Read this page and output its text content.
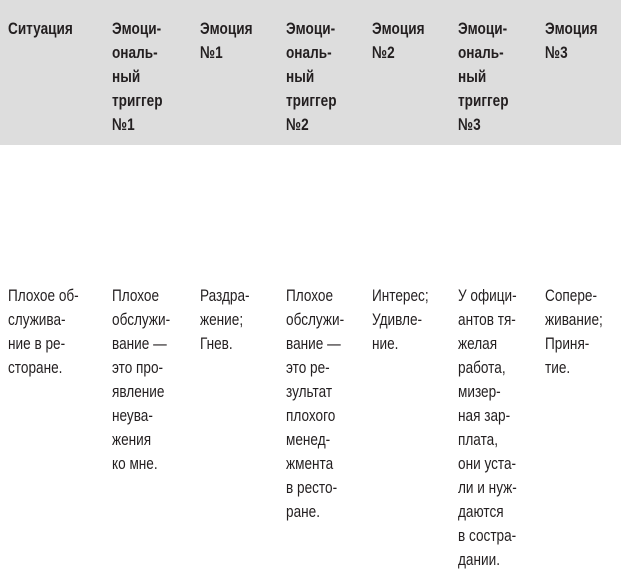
Ситуация	Эмоци-
oналь-
ный
триггер
№1
Эмоция
№1
Эмоци-
oналь-
ный
триггер
№2
Эмоция
№2
Эмоци-
oналь-
ный
триггер
№3
Эмоция
№3
Плохое об-
служива-
ние в ре-
сторане.
Плохое
обслужи-
вание —
это про-
явление
неува-
жения
ко мне.
Раздра-
жение;
Гнев.
Плохое
обслужи-
вание —
это ре-
зультат
плохого
менед-
жмента
в ресто-
ране.
Интерес;
Удивле-
ние.
У офици-
антов тя-
желая
работа,
мизер-
ная зар-
плата,
они уста-
ли и нуж-
даются
в состра-
дании.
Сопере-
живание;
Приня-
тие.
